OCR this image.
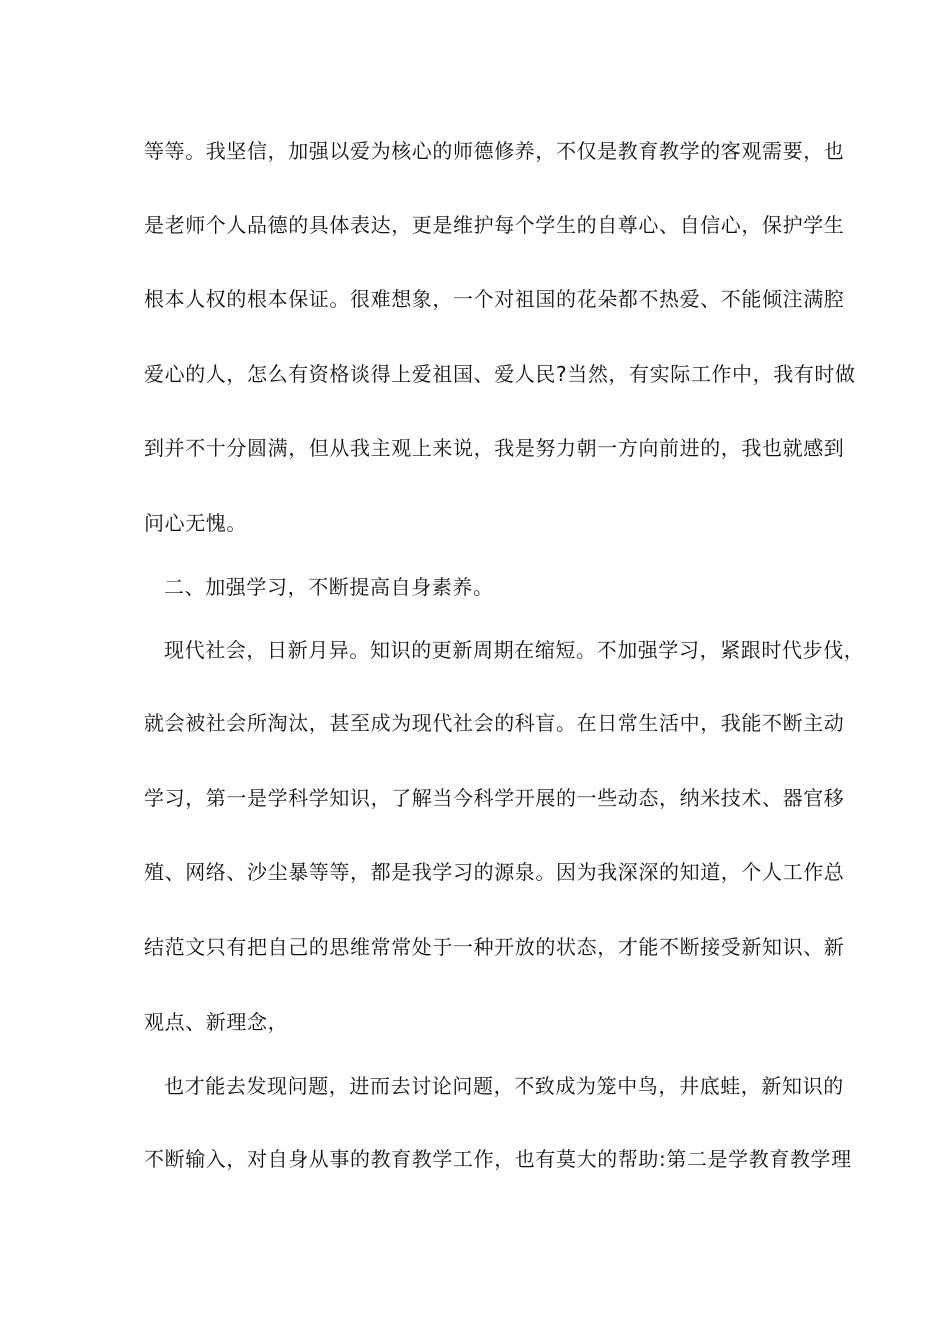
等等。我坚信，加强以爱为核心的师德修养，不仅是教育教学的客观需要，也
是老师个人品德的具体表达，更是维护每个学生的自尊心、自信心，保护学生
根本人权的根本保证。很难想象，一个对祖国的花朵都不热爱、不能倾注满腔
爱心的人，怎么有资格谈得上爱祖国、爱人民?当然，有实际工作中，我有时做
到并不十分圆满，但从我主观上来说，我是努力朝一方向前进的，我也就感到
问心无愧。
二、加强学习，不断提高自身素养。
现代社会，日新月异。知识的更新周期在缩短。不加强学习，紧跟时代步伐，
就会被社会所淘汰，甚至成为现代社会的科盲。在日常生活中，我能不断主动
学习，第一是学科学知识，了解当今科学开展的一些动态，纳米技术、器官移
殖、网络、沙尘暴等等，都是我学习的源泉。因为我深深的知道，个人工作总
结范文只有把自己的思维常常处于一种开放的状态，才能不断接受新知识、新
观点、新理念，
也才能去发现问题，进而去讨论问题，不致成为笼中鸟，井底蛙，新知识的
不断输入，对自身从事的教育教学工作，也有莫大的帮助:第二是学教育教学理
